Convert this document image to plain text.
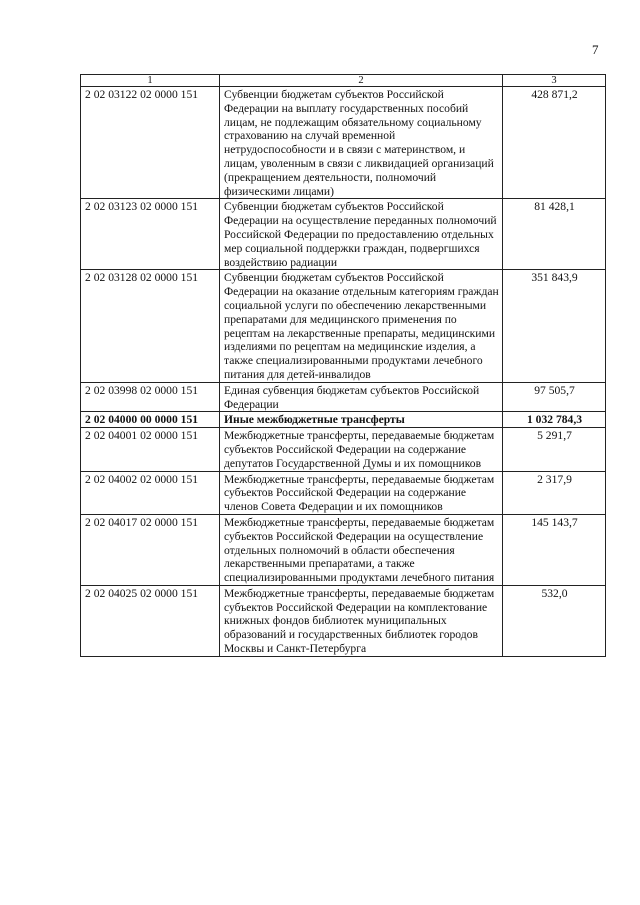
7
1	2	3
2 02 03122 02 0000 151	Субвенции бюджетам субъектов Российской Федерации на выплату государственных пособий лицам, не подлежащим обязательному социальному страхованию на случай временной нетрудоспособности и в связи с материнством, и лицам, уволенным в связи с ликвидацией организаций (прекращением деятельности, полномочий физическими лицами)	428 871,2
2 02 03123 02 0000 151	Субвенции бюджетам субъектов Российской Федерации на осуществление переданных полномочий Российской Федерации по предоставлению отдельных мер социальной поддержки граждан, подвергшихся воздействию радиации	81 428,1
2 02 03128 02 0000 151	Субвенции бюджетам субъектов Российской Федерации на оказание отдельным категориям граждан социальной услуги по обеспечению лекарственными препаратами для медицинского применения по рецептам на лекарственные препараты, медицинскими изделиями по рецептам на медицинские изделия, а также специализированными продуктами лечебного питания для детей-инвалидов	351 843,9
2 02 03998 02 0000 151	Единая субвенция бюджетам субъектов Российской Федерации	97 505,7
2 02 04000 00 0000 151	Иные межбюджетные трансферты	1 032 784,3
2 02 04001 02 0000 151	Межбюджетные трансферты, передаваемые бюджетам субъектов Российской Федерации на содержание депутатов Государственной Думы и их помощников	5 291,7
2 02 04002 02 0000 151	Межбюджетные трансферты, передаваемые бюджетам субъектов Российской Федерации на содержание членов Совета Федерации и их помощников	2 317,9
2 02 04017 02 0000 151	Межбюджетные трансферты, передаваемые бюджетам субъектов Российской Федерации на осуществление отдельных полномочий в области обеспечения лекарственными препаратами, а также специализированными продуктами лечебного питания	145 143,7
2 02 04025 02 0000 151	Межбюджетные трансферты, передаваемые бюджетам субъектов Российской Федерации на комплектование книжных фондов библиотек муниципальных образований и государственных библиотек городов Москвы и Санкт-Петербурга	532,0
